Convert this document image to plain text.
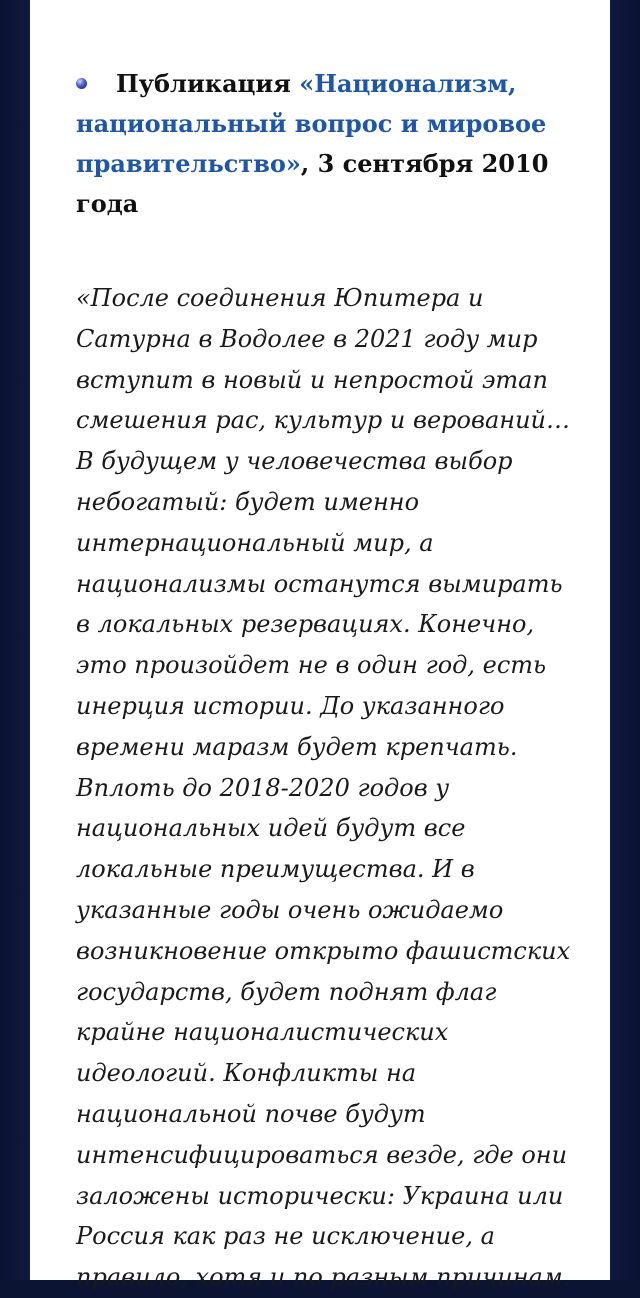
Публикация «Национализм, национальный вопрос и мировое правительство», 3 сентября 2010 года

«После соединения Юпитера и Сатурна в Водолее в 2021 году мир вступит в новый и непростой этап смешения рас, культур и верований… В будущем у человечества выбор небогатый: будет именно интернациональный мир, а национализмы останутся вымирать в локальных резервациях. Конечно, это произойдет не в один год, есть инерция истории. До указанного времени маразм будет крепчать. Вплоть до 2018-2020 годов у национальных идей будут все локальные преимущества. И в указанные годы очень ожидаемо возникновение открыто фашистских государств, будет поднят флаг крайне националистических идеологий. Конфликты на национальной почве будут интенсифицироваться везде, где они заложены исторически: Украина или Россия как раз не исключение, а правило, хотя и по разным причинам.
